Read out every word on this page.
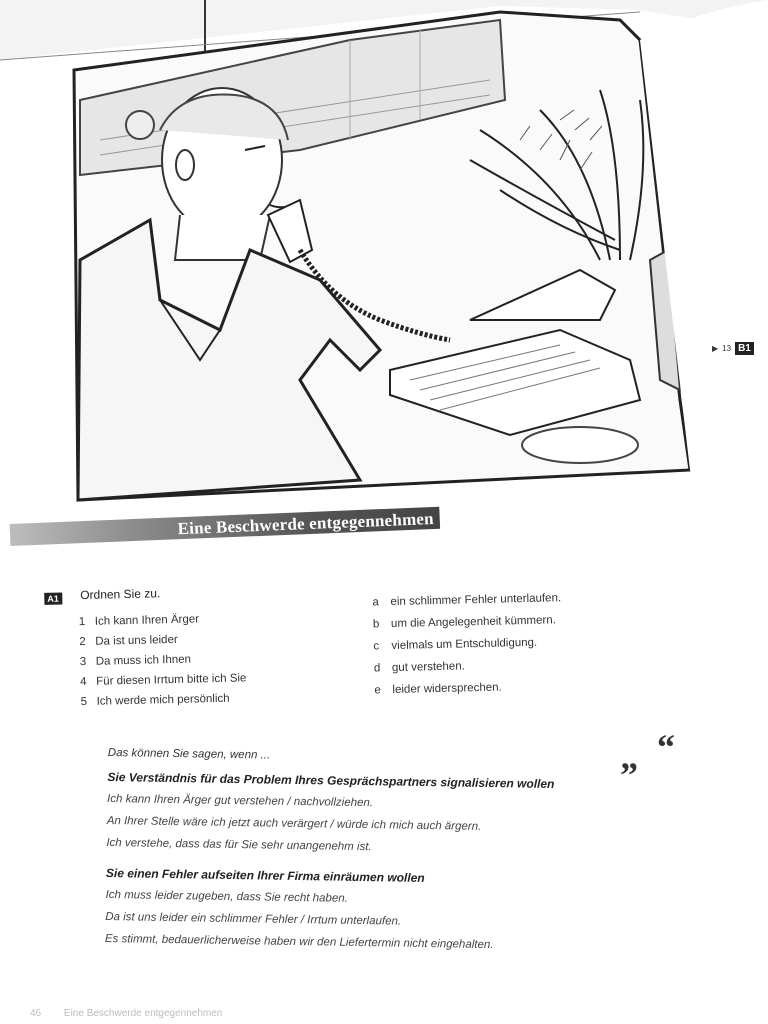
▶ 13 B1
Eine Beschwerde entgegennehmen
A1 Ordnen Sie zu.
1 Ich kann Ihren Ärger
2 Da ist uns leider
3 Da muss ich Ihnen
4 Für diesen Irrtum bitte ich Sie
5 Ich werde mich persönlich
a ein schlimmer Fehler unterlaufen.
b um die Angelegenheit kümmern.
c vielmals um Entschuldigung.
d gut verstehen.
e leider widersprechen.
“
”
Das können Sie sagen, wenn ...
Sie Verständnis für das Problem Ihres Gesprächspartners signalisieren wollen
Ich kann Ihren Ärger gut verstehen / nachvollziehen.
An Ihrer Stelle wäre ich jetzt auch verärgert / würde ich mich auch ärgern.
Ich verstehe, dass das für Sie sehr unangenehm ist.
Sie einen Fehler aufseiten Ihrer Firma einräumen wollen
Ich muss leider zugeben, dass Sie recht haben.
Da ist uns leider ein schlimmer Fehler / Irrtum unterlaufen.
Es stimmt, bedauerlicherweise haben wir den Liefertermin nicht eingehalten.
46 Eine Beschwerde entgegennehmen
